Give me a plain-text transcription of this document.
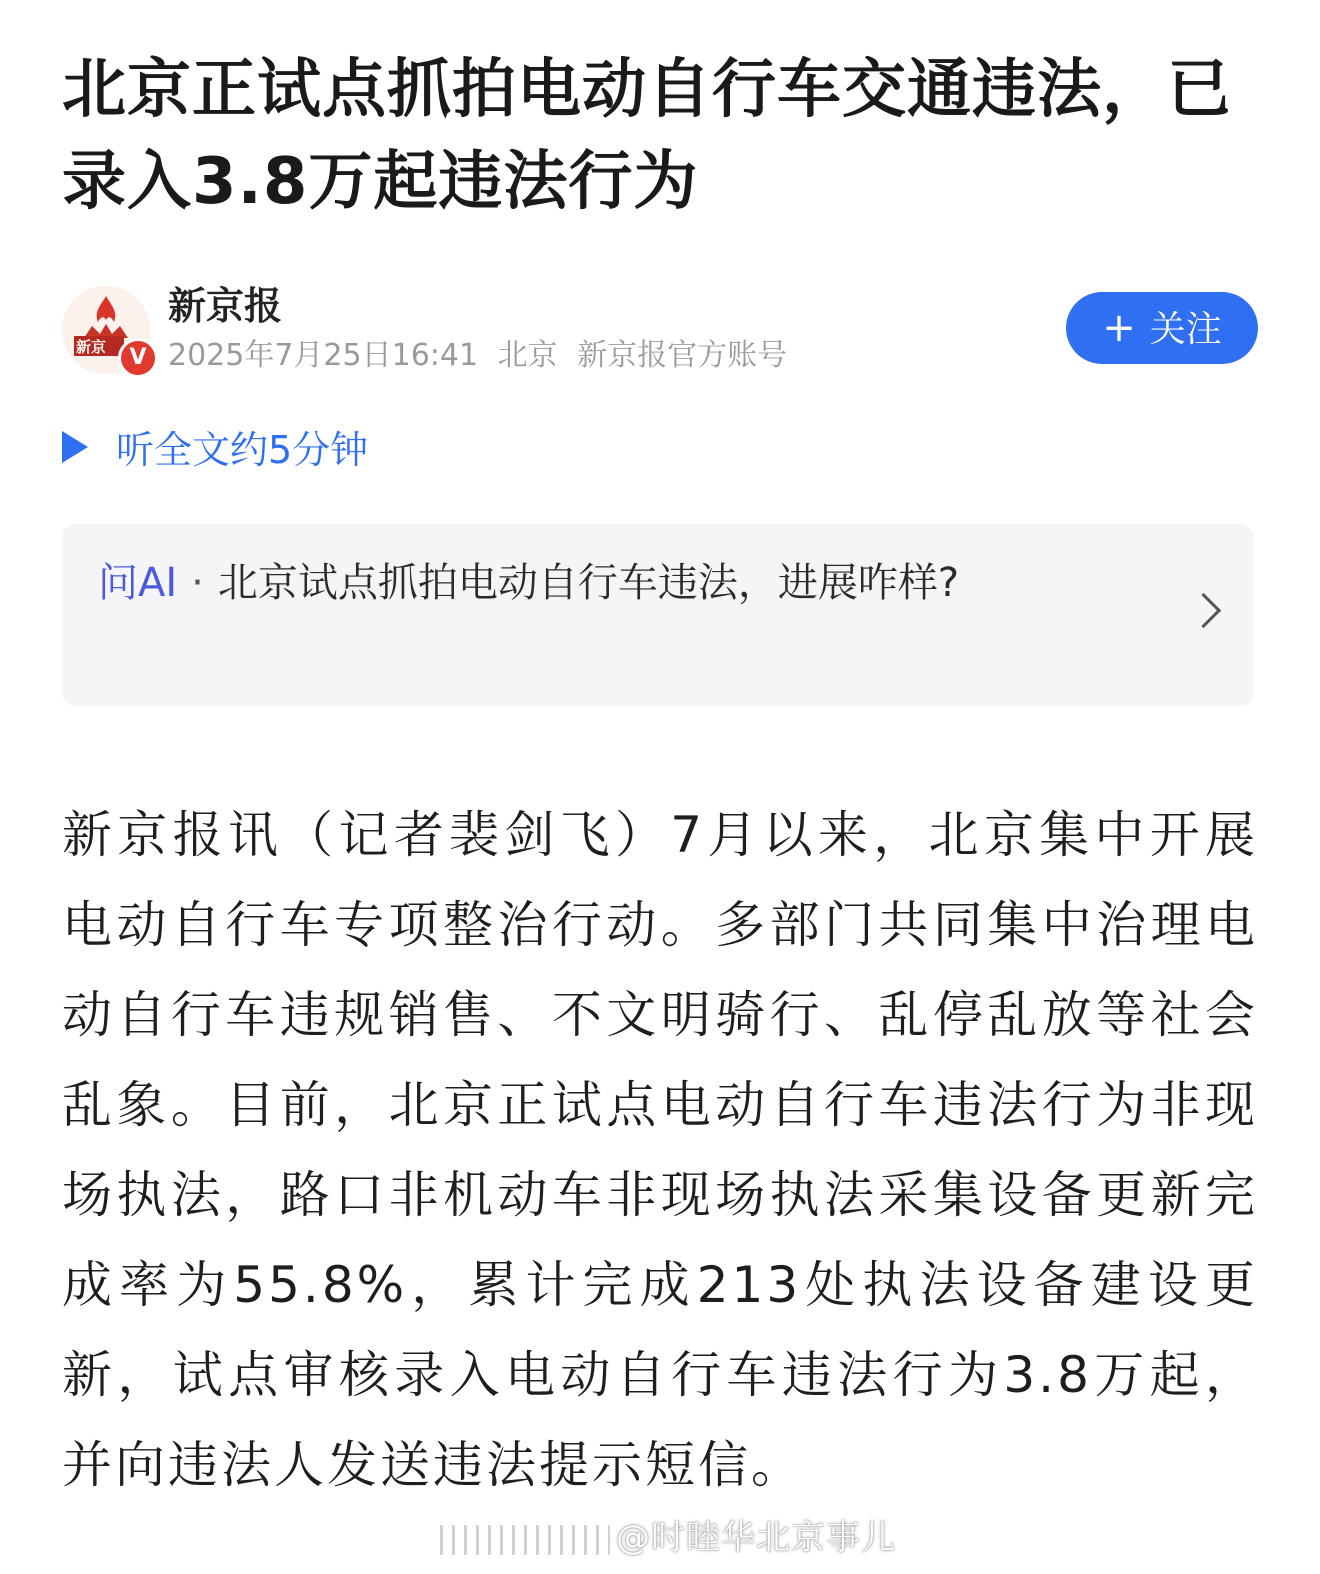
北京正试点抓拍电动自行车交通违法，已录入3.8万起违法行为
新京	V
新京报
2025年7月25日16:41 北京 新京报官方账号
+ 关注
听全文约5分钟
问AI · 北京试点抓拍电动自行车违法，进展咋样?

新京报讯（记者裴剑飞）7月以来，北京集中开展电动自行车专项整治行动。多部门共同集中治理电动自行车违规销售、不文明骑行、乱停乱放等社会乱象。目前，北京正试点电动自行车违法行为非现场执法，路口非机动车非现场执法采集设备更新完成率为55.8%，累计完成213处执法设备建设更新，试点审核录入电动自行车违法行为3.8万起，并向违法人发送违法提示短信。

@时睦华北京事儿
